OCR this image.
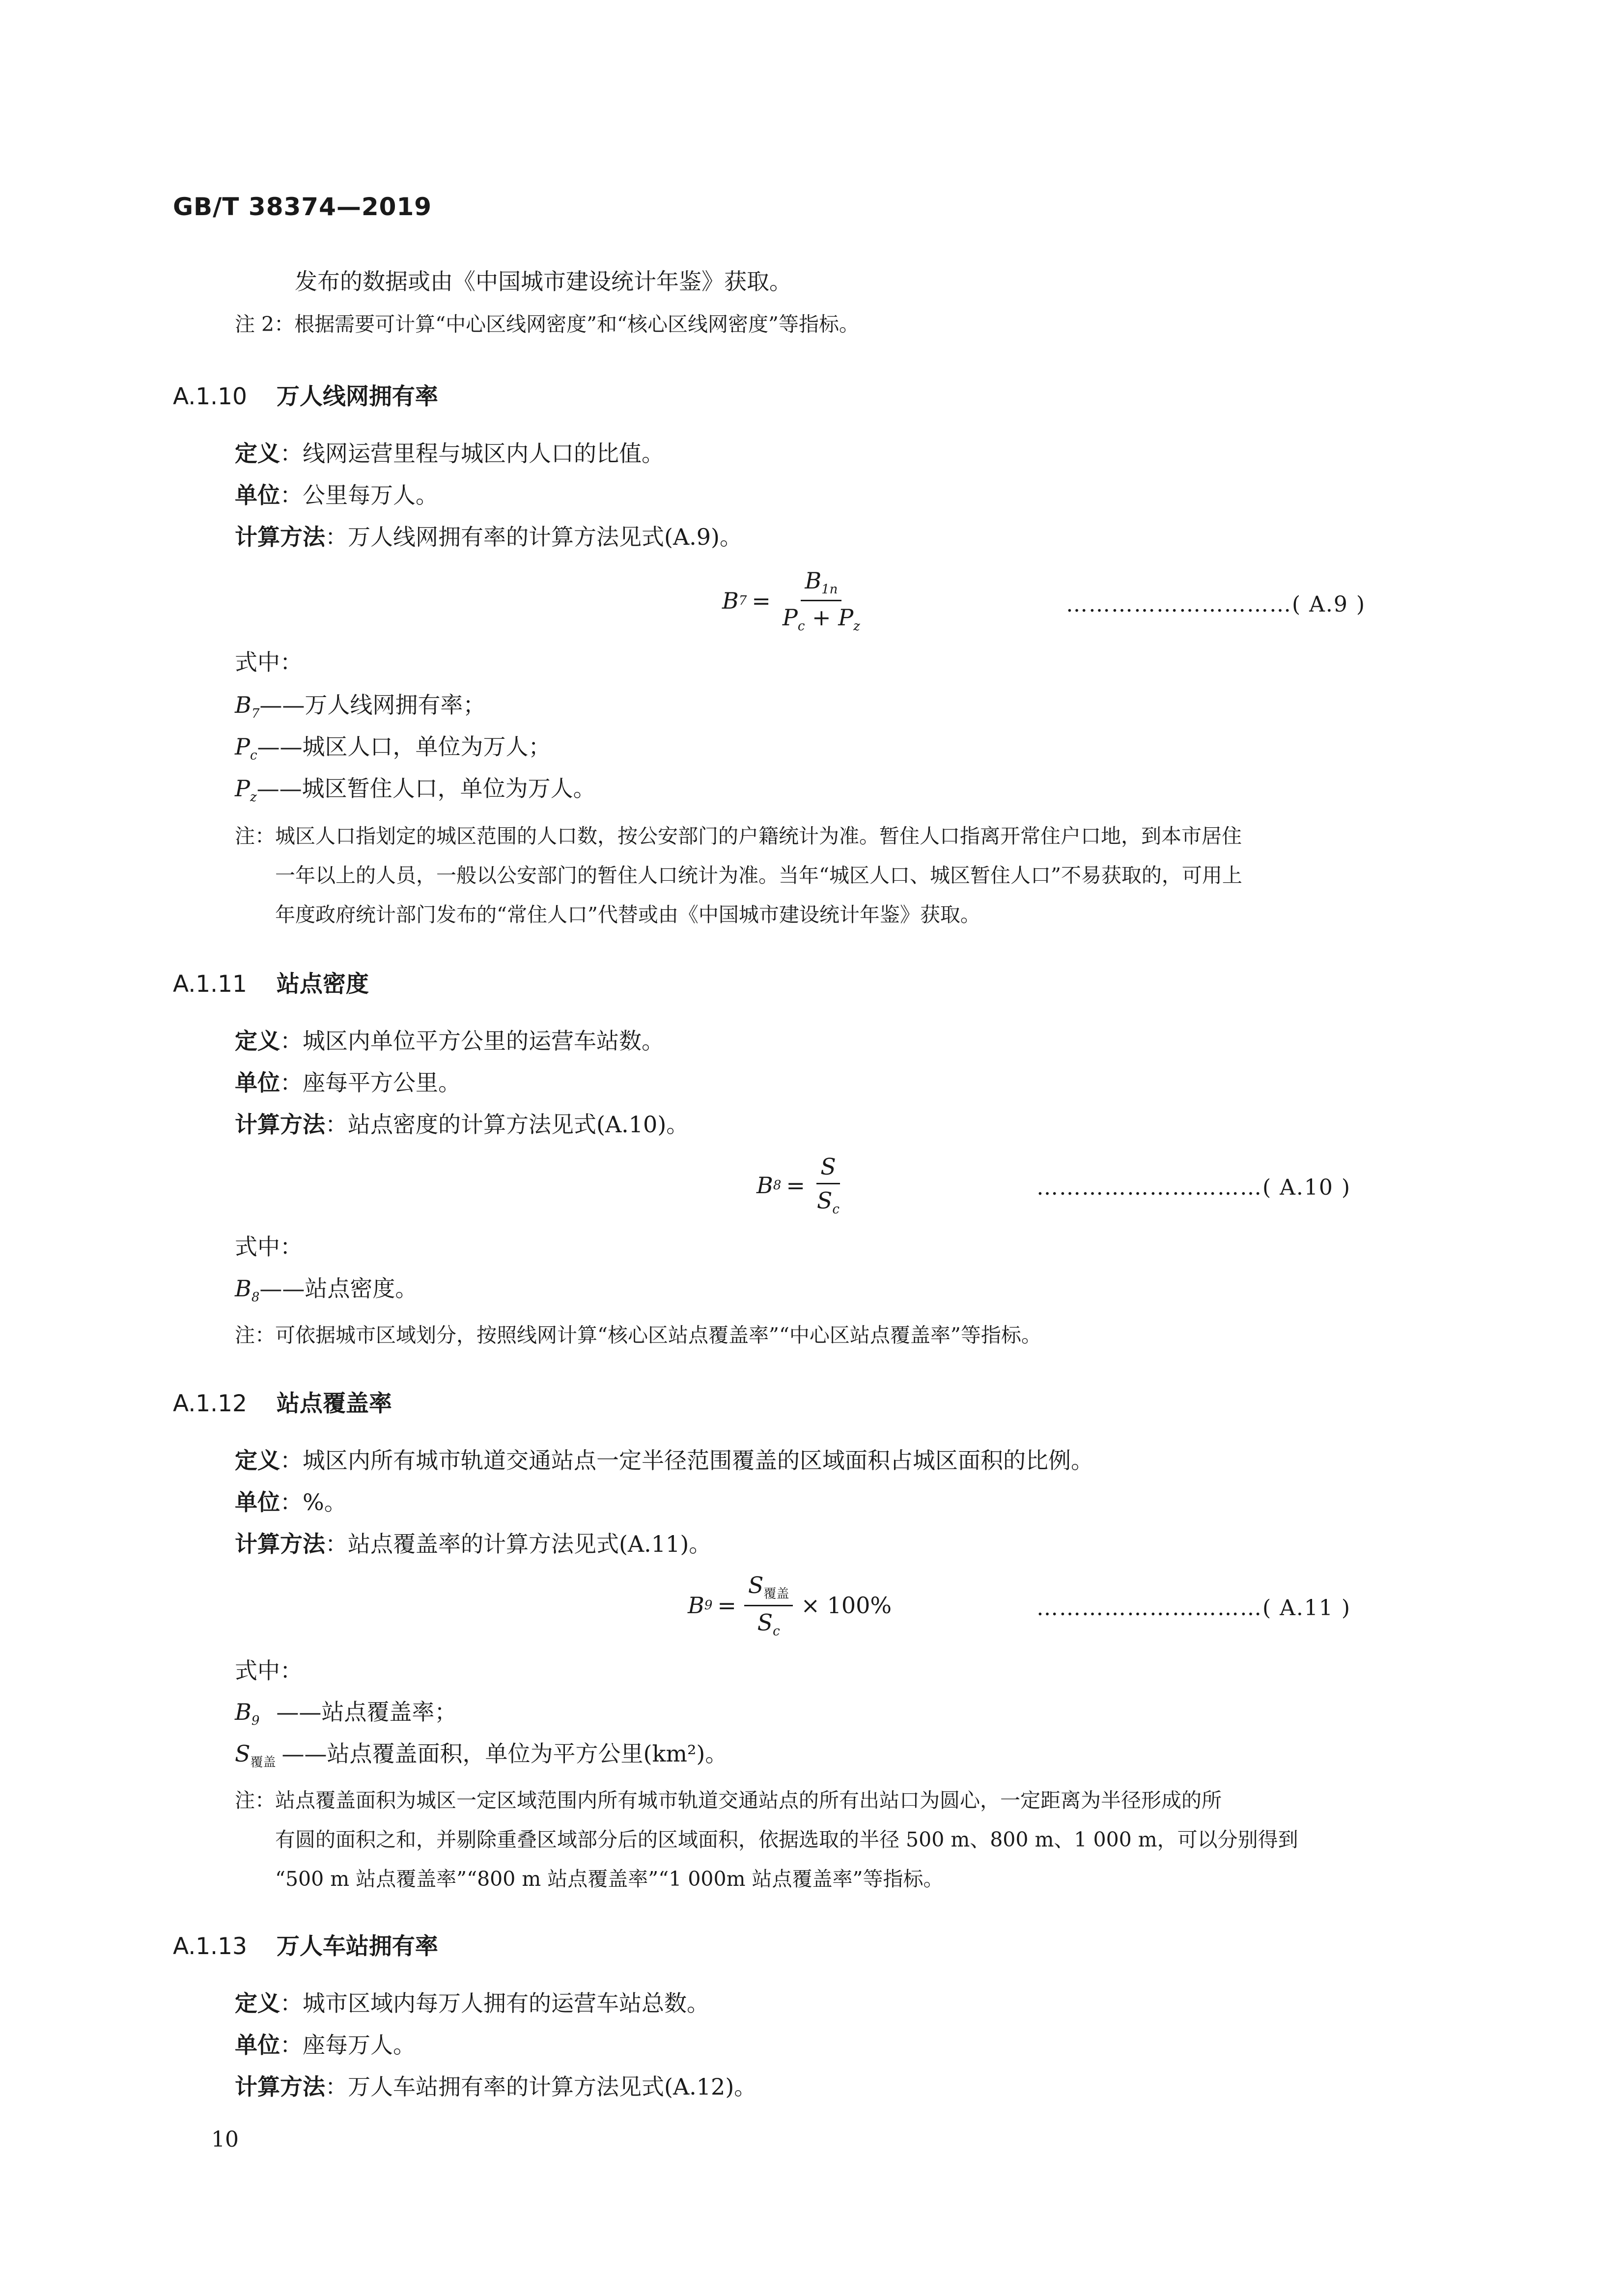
GB/T 38374—2019
发布的数据或由《中国城市建设统计年鉴》获取。
注 2：根据需要可计算“中心区线网密度”和“核心区线网密度”等指标。
A.1.10 万人线网拥有率
定义：线网运营里程与城区内人口的比值。
单位：公里每万人。
计算方法：万人线网拥有率的计算方法见式(A.9)。
B $7 = \frac{B_{1n}}{P_c + P_z}$	…………………………( A.9 )
式中：
$B_7——$万人线网拥有率；
$P_c——$城区人口，单位为万人；
$P_z——$城区暂住人口，单位为万人。
注：城区人口指划定的城区范围的人口数，按公安部门的户籍统计为准。暂住人口指离开常住户口地，到本市居住
一年以上的人员，一般以公安部门的暂住人口统计为准。当年“城区人口、城区暂住人口”不易获取的，可用上
年度政府统计部门发布的“常住人口”代替或由《中国城市建设统计年鉴》获取。
A.1.11 站点密度
定义：城区内单位平方公里的运营车站数。
单位：座每平方公里。
计算方法：站点密度的计算方法见式(A.10)。
B $8 = \frac{S}{S_c}$	…………………………( A.10 )
式中：
$B_8——$站点密度。
注：可依据城市区域划分，按照线网计算“核心区站点覆盖率”“中心区站点覆盖率”等指标。
A.1.12 站点覆盖率
定义：城区内所有城市轨道交通站点一定半径范围覆盖的区域面积占城区面积的比例。
单位：%。
计算方法：站点覆盖率的计算方法见式(A.11)。
B $9 = \frac{S_{覆盖}}{S_c} \times 100\%$	…………………………( A.11 )
式中：
$B_9$ ——站点覆盖率；
$S_{覆盖}$ ——站点覆盖面积，单位为平方公里(km²)。
注：站点覆盖面积为城区一定区域范围内所有城市轨道交通站点的所有出站口为圆心，一定距离为半径形成的所
有圆的面积之和，并剔除重叠区域部分后的区域面积，依据选取的半径 500 m、800 m、1 000 m，可以分别得到
“500 m 站点覆盖率”“800 m 站点覆盖率”“1 000m 站点覆盖率”等指标。
A.1.13 万人车站拥有率
定义：城市区域内每万人拥有的运营车站总数。
单位：座每万人。
计算方法：万人车站拥有率的计算方法见式(A.12)。
10
